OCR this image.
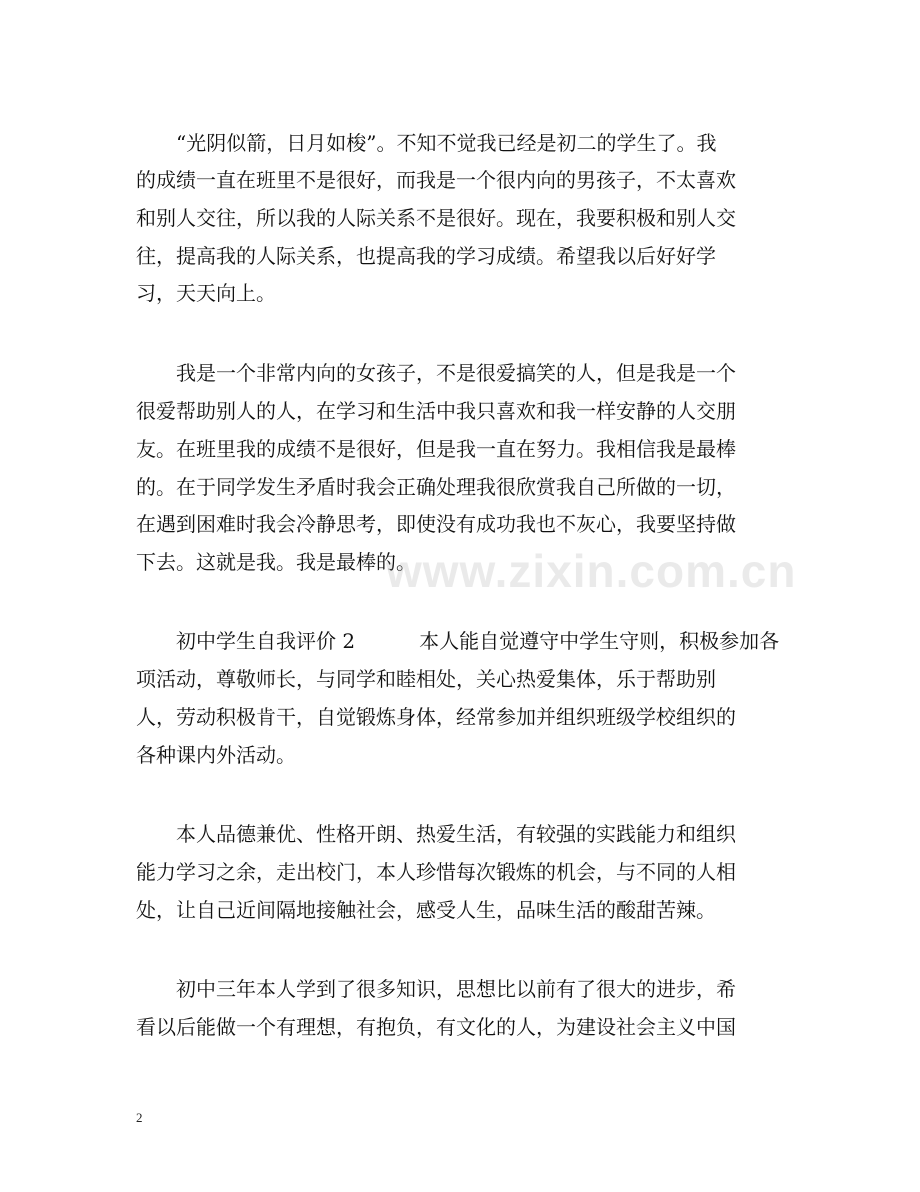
“光阴似箭，日月如梭”。不知不觉我已经是初二的学生了。我
的成绩一直在班里不是很好，而我是一个很内向的男孩子，不太喜欢
和别人交往，所以我的人际关系不是很好。现在，我要积极和别人交
往，提高我的人际关系，也提高我的学习成绩。希望我以后好好学
习，天天向上。
我是一个非常内向的女孩子，不是很爱搞笑的人，但是我是一个
很爱帮助别人的人，在学习和生活中我只喜欢和我一样安静的人交朋
友。在班里我的成绩不是很好，但是我一直在努力。我相信我是最棒
的。在于同学发生矛盾时我会正确处理我很欣赏我自己所做的一切，
在遇到困难时我会冷静思考，即使没有成功我也不灰心，我要坚持做
下去。这就是我。我是最棒的。
初中学生自我评价 2	本人能自觉遵守中学生守则，积极参加各
项活动，尊敬师长，与同学和睦相处，关心热爱集体，乐于帮助别
人，劳动积极肯干，自觉锻炼身体，经常参加并组织班级学校组织的
各种课内外活动。
本人品德兼优、性格开朗、热爱生活，有较强的实践能力和组织
能力学习之余，走出校门，本人珍惜每次锻炼的机会，与不同的人相
处，让自己近间隔地接触社会，感受人生，品味生活的酸甜苦辣。
初中三年本人学到了很多知识，思想比以前有了很大的进步，希
看以后能做一个有理想，有抱负，有文化的人，为建设社会主义中国
www.zixin.com.cn
2
